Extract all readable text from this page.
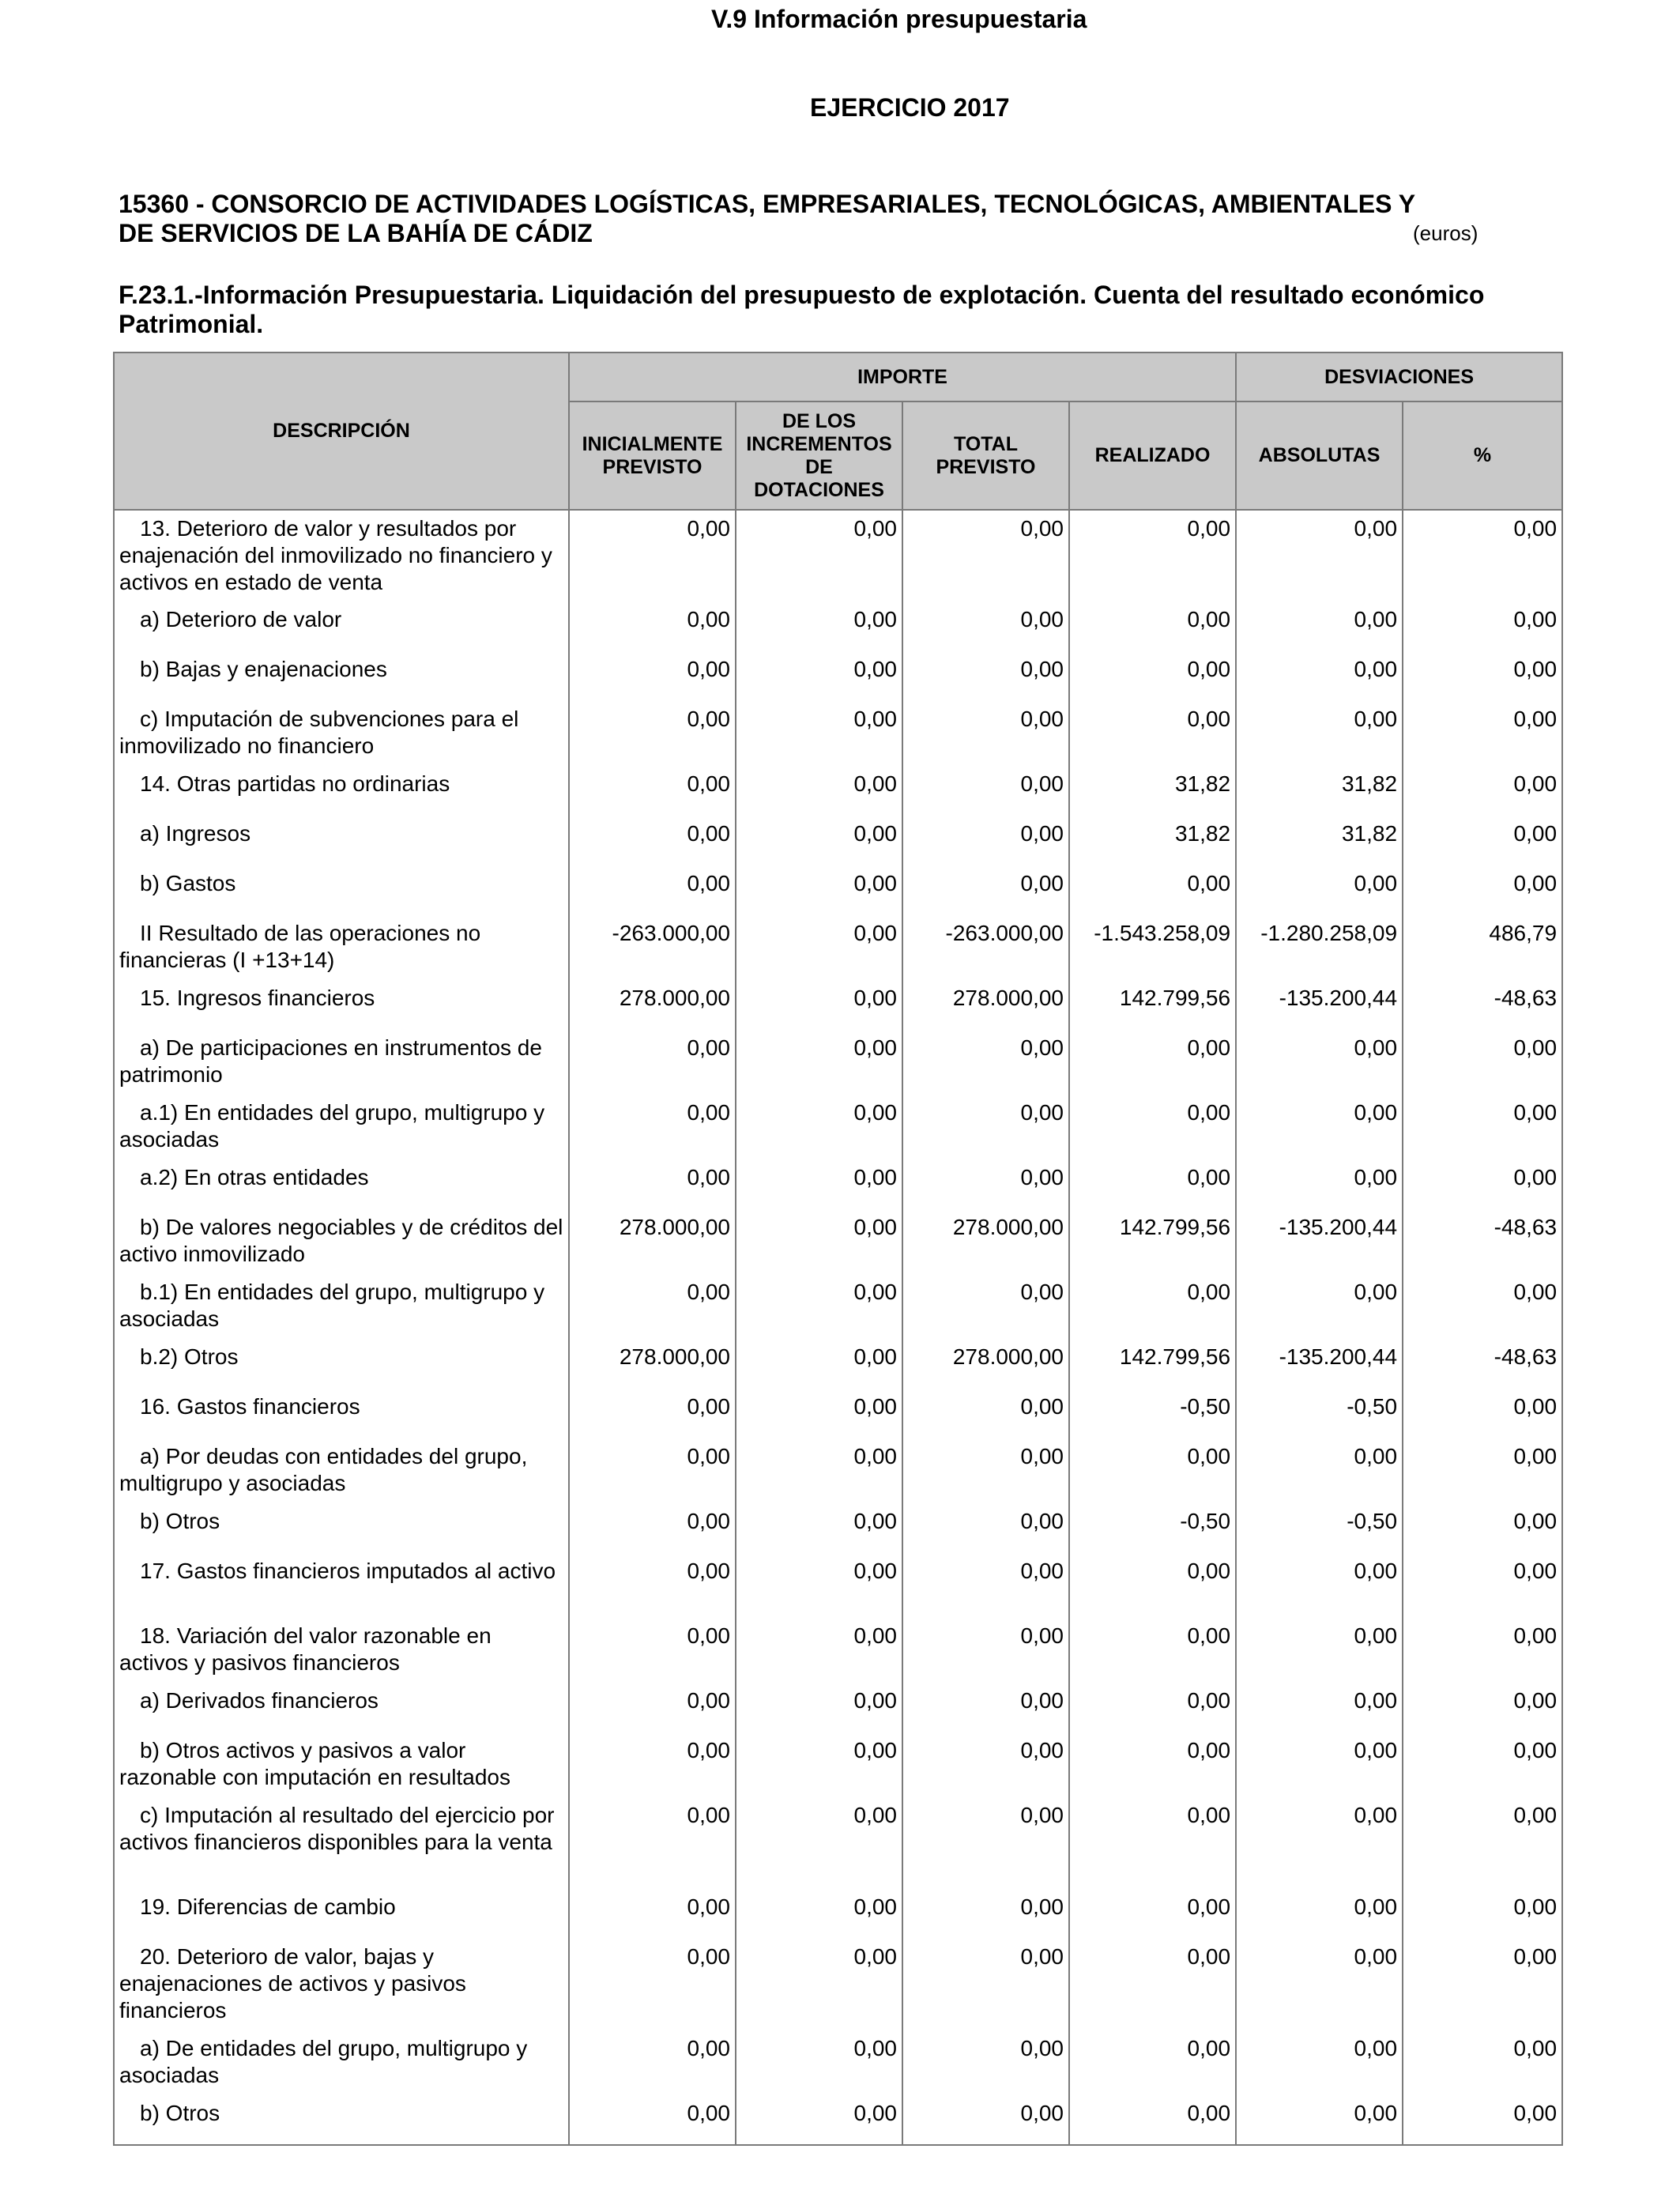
V.9 Información presupuestaria
EJERCICIO 2017
15360 - CONSORCIO DE ACTIVIDADES LOGÍSTICAS, EMPRESARIALES, TECNOLÓGICAS, AMBIENTALES Y DE SERVICIOS DE LA BAHÍA DE CÁDIZ	(euros)
F.23.1.-Información Presupuestaria. Liquidación del presupuesto de explotación. Cuenta del resultado económico Patrimonial.
DESCRIPCIÓN	IMPORTE				DESVIACIONES	
	INICIALMENTE PREVISTO	DE LOS INCREMENTOS DE DOTACIONES	TOTAL PREVISTO	REALIZADO	ABSOLUTAS	%

13. Deterioro de valor y resultados por enajenación del inmovilizado no financiero y activos en estado de venta	0,00	0,00	0,00	0,00	0,00	0,00

a) Deterioro de valor	0,00	0,00	0,00	0,00	0,00	0,00

b) Bajas y enajenaciones	0,00	0,00	0,00	0,00	0,00	0,00

c) Imputación de subvenciones para el inmovilizado no financiero	0,00	0,00	0,00	0,00	0,00	0,00

14. Otras partidas no ordinarias	0,00	0,00	0,00	31,82	31,82	0,00

a) Ingresos	0,00	0,00	0,00	31,82	31,82	0,00

b) Gastos	0,00	0,00	0,00	0,00	0,00	0,00

II Resultado de las operaciones no financieras (I +13+14)	-263.000,00	0,00	-263.000,00	-1.543.258,09	-1.280.258,09	486,79

15. Ingresos financieros	278.000,00	0,00	278.000,00	142.799,56	-135.200,44	-48,63

a) De participaciones en instrumentos de patrimonio	0,00	0,00	0,00	0,00	0,00	0,00

a.1) En entidades del grupo, multigrupo y asociadas	0,00	0,00	0,00	0,00	0,00	0,00

a.2) En otras entidades	0,00	0,00	0,00	0,00	0,00	0,00

b) De valores negociables y de créditos del activo inmovilizado	278.000,00	0,00	278.000,00	142.799,56	-135.200,44	-48,63

b.1) En entidades del grupo, multigrupo y asociadas	0,00	0,00	0,00	0,00	0,00	0,00

b.2) Otros	278.000,00	0,00	278.000,00	142.799,56	-135.200,44	-48,63

16. Gastos financieros	0,00	0,00	0,00	-0,50	-0,50	0,00

a) Por deudas con entidades del grupo, multigrupo y asociadas	0,00	0,00	0,00	0,00	0,00	0,00

b) Otros	0,00	0,00	0,00	-0,50	-0,50	0,00

17. Gastos financieros imputados al activo	0,00	0,00	0,00	0,00	0,00	0,00

18. Variación del valor razonable en activos y pasivos financieros	0,00	0,00	0,00	0,00	0,00	0,00

a) Derivados financieros	0,00	0,00	0,00	0,00	0,00	0,00

b) Otros activos y pasivos a valor razonable con imputación en resultados	0,00	0,00	0,00	0,00	0,00	0,00

c) Imputación al resultado del ejercicio por activos financieros disponibles para la venta	0,00	0,00	0,00	0,00	0,00	0,00

19. Diferencias de cambio	0,00	0,00	0,00	0,00	0,00	0,00

20. Deterioro de valor, bajas y enajenaciones de activos y pasivos financieros	0,00	0,00	0,00	0,00	0,00	0,00

a) De entidades del grupo, multigrupo y asociadas	0,00	0,00	0,00	0,00	0,00	0,00

b) Otros	0,00	0,00	0,00	0,00	0,00	0,00
